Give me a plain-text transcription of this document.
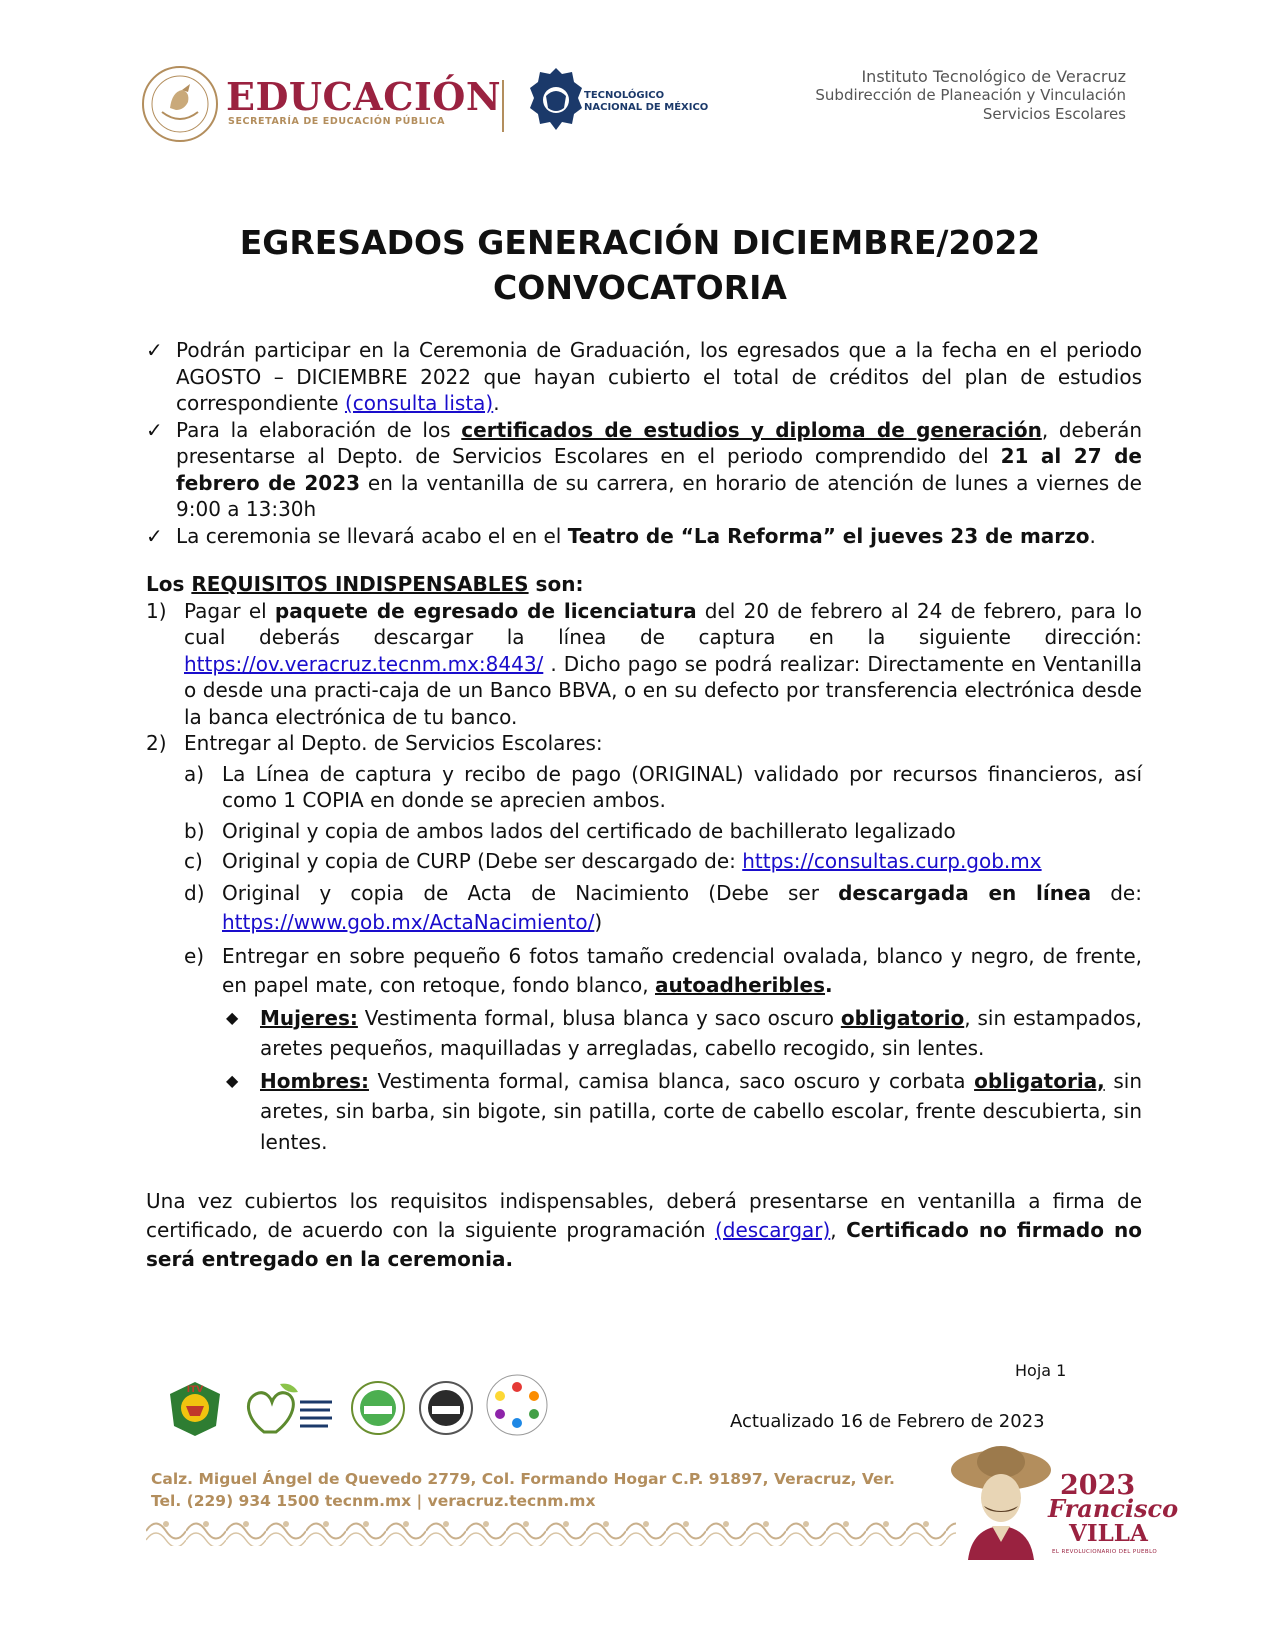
EDUCACIÓN
SECRETARÍA DE EDUCACIÓN PÚBLICA
TECNOLÓGICO
NACIONAL DE MÉXICO
Instituto Tecnológico de Veracruz
Subdirección de Planeación y Vinculación
Servicios Escolares
EGRESADOS GENERACIÓN DICIEMBRE/2022
CONVOCATORIA
✓ Podrán participar en la Ceremonia de Graduación, los egresados que a la fecha en el periodo AGOSTO – DICIEMBRE 2022 que hayan cubierto el total de créditos del plan de estudios correspondiente (consulta lista).
✓ Para la elaboración de los certificados de estudios y diploma de generación, deberán presentarse al Depto. de Servicios Escolares en el periodo comprendido del 21 al 27 de febrero de 2023 en la ventanilla de su carrera, en horario de atención de lunes a viernes de 9:00 a 13:30h
✓ La ceremonia se llevará acabo el en el Teatro de “La Reforma” el jueves 23 de marzo.
Los REQUISITOS INDISPENSABLES son:
1) Pagar el paquete de egresado de licenciatura del 20 de febrero al 24 de febrero, para lo cual deberás descargar la línea de captura en la siguiente dirección: https://ov.veracruz.tecnm.mx:8443/ . Dicho pago se podrá realizar: Directamente en Ventanilla o desde una practi-caja de un Banco BBVA, o en su defecto por transferencia electrónica desde la banca electrónica de tu banco.
2) Entregar al Depto. de Servicios Escolares:
a) La Línea de captura y recibo de pago (ORIGINAL) validado por recursos financieros, así como 1 COPIA en donde se aprecien ambos.
b) Original y copia de ambos lados del certificado de bachillerato legalizado
c) Original y copia de CURP (Debe ser descargado de: https://consultas.curp.gob.mx
d) Original y copia de Acta de Nacimiento (Debe ser descargada en línea de: https://www.gob.mx/ActaNacimiento/)
e) Entregar en sobre pequeño 6 fotos tamaño credencial ovalada, blanco y negro, de frente, en papel mate, con retoque, fondo blanco, autoadheribles.
◆ Mujeres: Vestimenta formal, blusa blanca y saco oscuro obligatorio, sin estampados, aretes pequeños, maquilladas y arregladas, cabello recogido, sin lentes.
◆ Hombres: Vestimenta formal, camisa blanca, saco oscuro y corbata obligatoria, sin aretes, sin barba, sin bigote, sin patilla, corte de cabello escolar, frente descubierta, sin lentes.
Una vez cubiertos los requisitos indispensables, deberá presentarse en ventanilla a firma de certificado, de acuerdo con la siguiente programación (descargar), Certificado no firmado no será entregado en la ceremonia.
Hoja 1
ITV
Actualizado 16 de Febrero de 2023
Calz. Miguel Ángel de Quevedo 2779, Col. Formando Hogar C.P. 91897, Veracruz, Ver.
Tel. (229) 934 1500 tecnm.mx | veracruz.tecnm.mx	2023
Francisco
VILLA
EL REVOLUCIONARIO DEL PUEBLO
